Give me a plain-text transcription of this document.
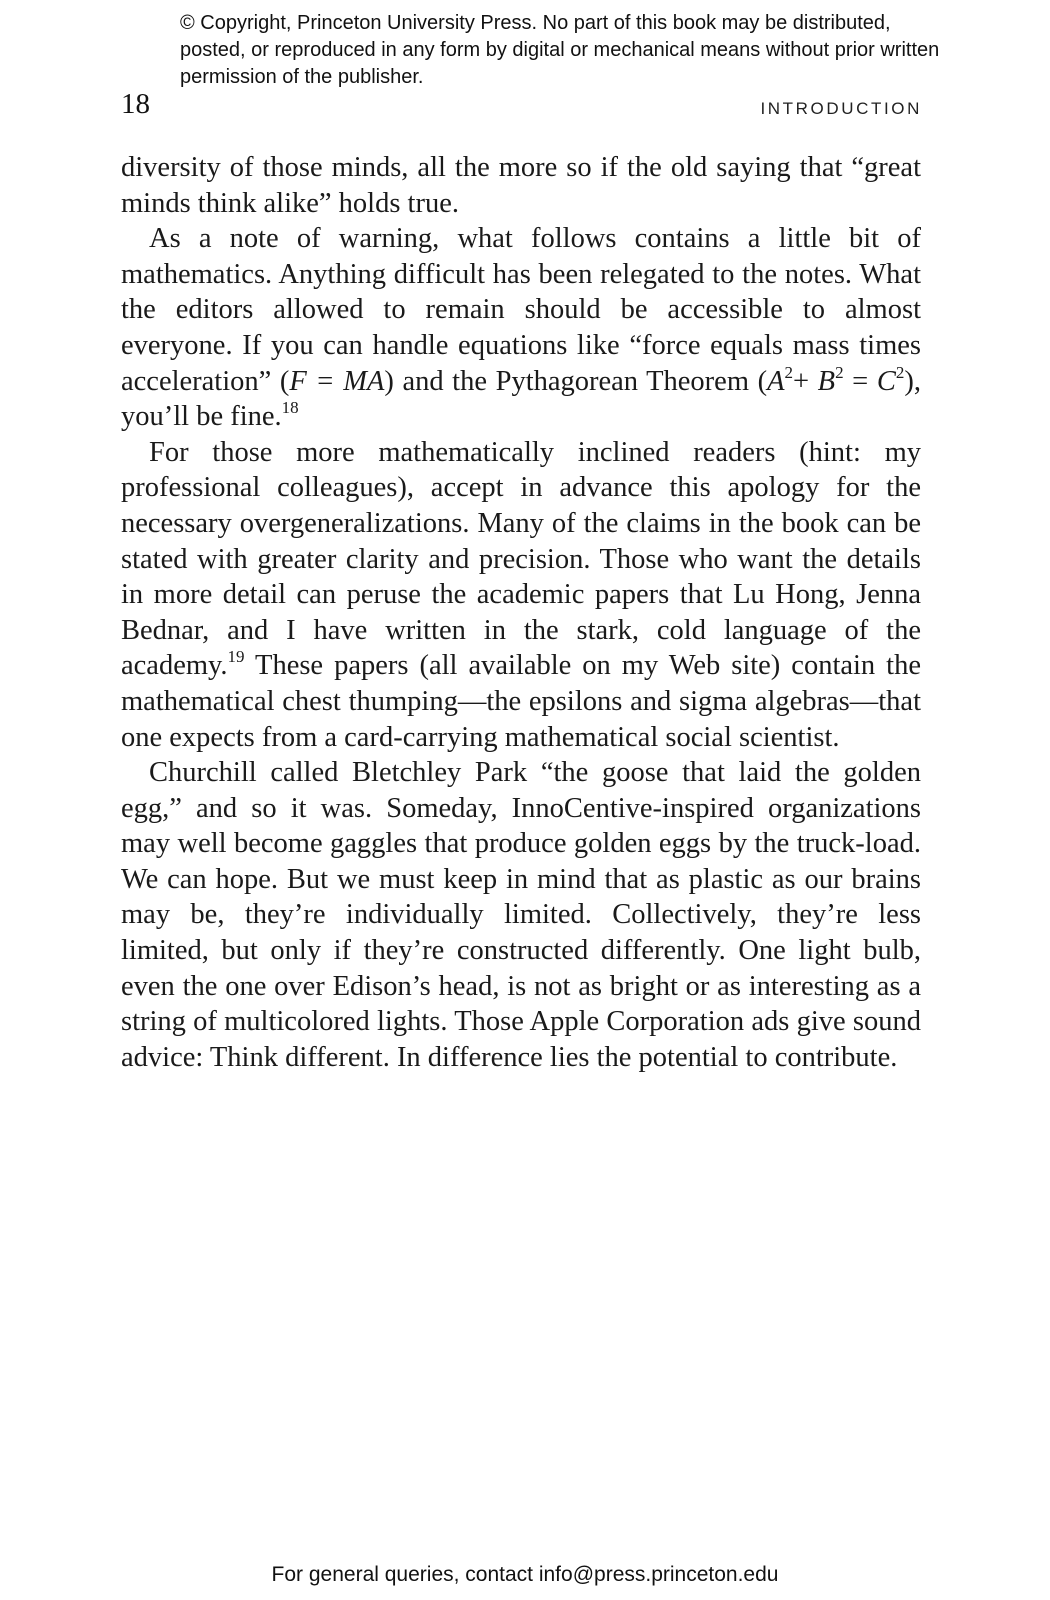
© Copyright, Princeton University Press. No part of this book may be distributed, posted, or reproduced in any form by digital or mechanical means without prior written permission of the publisher.
18	INTRODUCTION

diversity of those minds, all the more so if the old saying that “great minds think alike” holds true.

As a note of warning, what follows contains a little bit of mathematics. Anything difficult has been relegated to the notes. What the editors allowed to remain should be accessible to almost everyone. If you can handle equations like “force equals mass times acceleration” (F = MA) and the Pythagorean Theorem $(A^2+ B^2 = C^2)$, you’ll be fine.$^{18}$

For those more mathematically inclined readers (hint: my professional colleagues), accept in advance this apology for the necessary overgeneralizations. Many of the claims in the book can be stated with greater clarity and precision. Those who want the details in more detail can peruse the academic papers that Lu Hong, Jenna Bednar, and I have written in the stark, cold language of the academy.$^{19}$ These papers (all available on my Web site) contain the mathematical chest thumping—the epsilons and sigma algebras—that one expects from a card-carrying mathematical social scientist.

Churchill called Bletchley Park “the goose that laid the golden egg,” and so it was. Someday, InnoCentive-inspired organizations may well become gaggles that produce golden eggs by the truck-load. We can hope. But we must keep in mind that as plastic as our brains may be, they’re individually limited. Collectively, they’re less limited, but only if they’re constructed differently. One light bulb, even the one over Edison’s head, is not as bright or as interesting as a string of multicolored lights. Those Apple Corporation ads give sound advice: Think different. In difference lies the potential to contribute.

For general queries, contact info@press.princeton.edu
